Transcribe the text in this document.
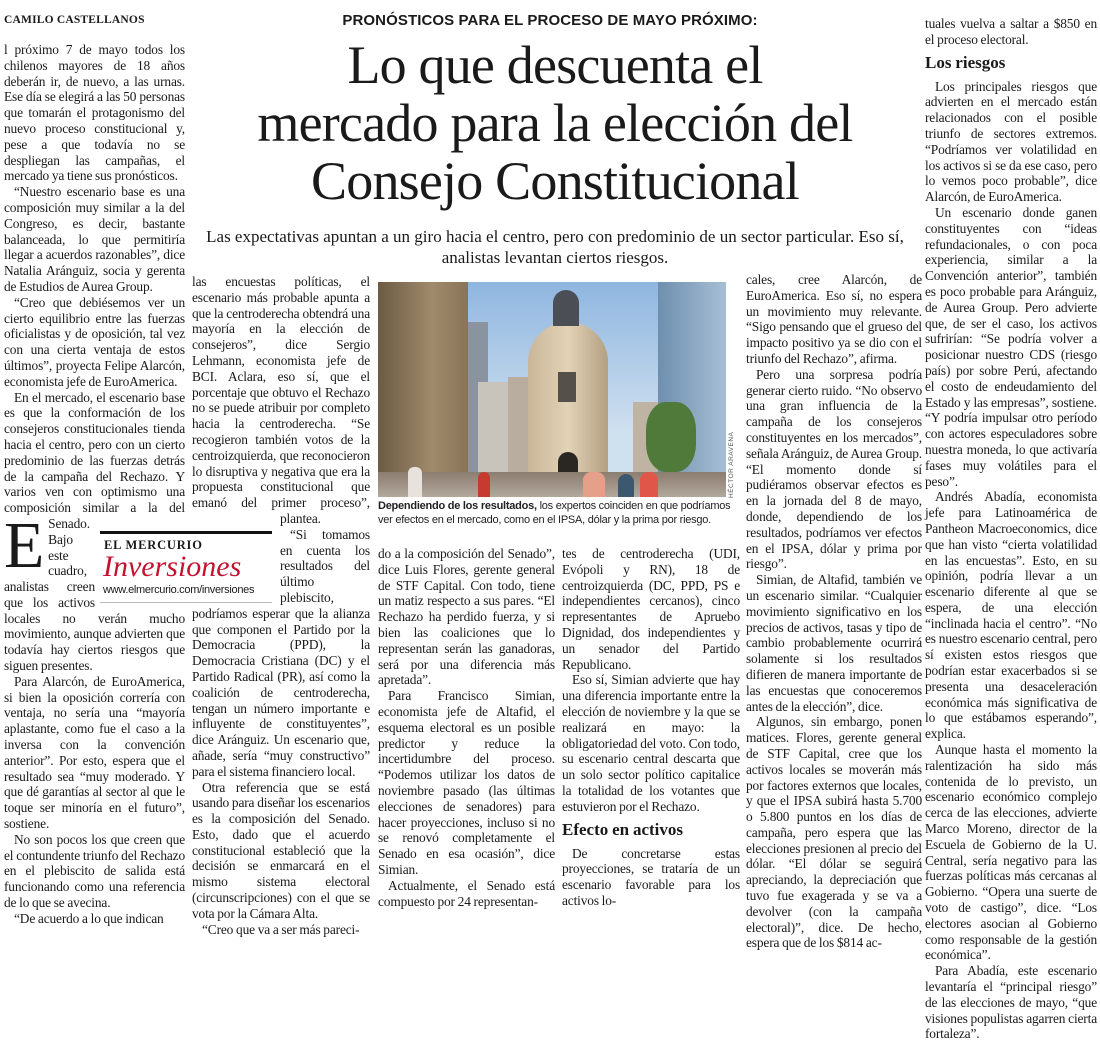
CAMILO CASTELLANOS	PRONÓSTICOS PARA EL PROCESO DE MAYO PRÓXIMO:
Lo que descuenta el
mercado para la elección del
Consejo Constitucional
Las expectativas apuntan a un giro hacia el centro, pero con predominio de un sector particular. Eso sí, analistas levantan ciertos riesgos.
HÉCTOR ARAVENA
Dependiendo de los resultados, los expertos coinciden en que podríamos ver efectos en el mercado, como en el IPSA, dólar y la prima por riesgo.
EL MERCURIO
Inversiones
www.elmercurio.com/inversiones

E
l próximo 7 de mayo todos los chilenos mayores de 18 años deberán ir, de nuevo, a las urnas. Ese día se elegirá a las 50 personas que tomarán el protagonismo del nuevo proceso constitucional y, pese a que todavía no se despliegan las campañas, el mercado ya tiene sus pronósticos.

“Nuestro escenario base es una composición muy similar a la del Congreso, es decir, bastante balanceada, lo que permitiría llegar a acuerdos razonables”, dice Natalia Aránguiz, socia y gerenta de Estudios de Aurea Group.

“Creo que debiésemos ver un cierto equilibrio entre las fuerzas oficialistas y de oposición, tal vez con una cierta ventaja de estos últimos”, proyecta Felipe Alarcón, economista jefe de EuroAmerica.

En el mercado, el escenario base es que la conformación de los consejeros constitucionales tienda hacia el centro, pero con un cierto predominio de las fuerzas detrás de la campaña del Rechazo. Y varios ven con optimismo una composición similar a la del Senado. Bajo este cuadro, analistas creen que los activos locales no verán mucho movimiento, aunque advierten que todavía hay ciertos riesgos que siguen presentes.

Para Alarcón, de EuroAmerica, si bien la oposición correría con ventaja, no sería una “mayoría aplastante, como fue el caso a la inversa con la convención anterior”. Por esto, espera que el resultado sea “muy moderado. Y que dé garantías al sector al que le toque ser minoría en el futuro”, sostiene.

No son pocos los que creen que el contundente triunfo del Rechazo en el plebiscito de salida está funcionando como una referencia de lo que se avecina.

“De acuerdo a lo que indican

las encuestas políticas, el escenario más probable apunta a que la centroderecha obtendrá una mayoría en la elección de consejeros”, dice Sergio Lehmann, economista jefe de BCI. Aclara, eso sí, que el porcentaje que obtuvo el Rechazo no se puede atribuir por completo hacia la centroderecha. “Se recogieron también votos de la centroizquierda, que reconocieron lo disruptiva y negativa que era la propuesta constitucional que emanó del primer proceso”, plantea.

“Si tomamos en cuenta los resultados del último plebiscito, podríamos esperar que la alianza que componen el Partido por la Democracia (PPD), la Democracia Cristiana (DC) y el Partido Radical (PR), así como la coalición de centroderecha, tengan un número importante e influyente de constituyentes”, dice Aránguiz. Un escenario que, añade, sería “muy constructivo” para el sistema financiero local.

Otra referencia que se está usando para diseñar los escenarios es la composición del Senado. Esto, dado que el acuerdo constitucional estableció que la decisión se enmarcará en el mismo sistema electoral (circunscripciones) con el que se vota por la Cámara Alta.

“Creo que va a ser más pareci-

do a la composición del Senado”, dice Luis Flores, gerente general de STF Capital. Con todo, tiene un matiz respecto a sus pares. “El Rechazo ha perdido fuerza, y si bien las coaliciones que lo representan serán las ganadoras, será por una diferencia más apretada”.

Para Francisco Simian, economista jefe de Altafid, el esquema electoral es un posible predictor y reduce la incertidumbre del proceso. “Podemos utilizar los datos de noviembre pasado (las últimas elecciones de senadores) para hacer proyecciones, incluso si no se renovó completamente el Senado en esa ocasión”, dice Simian.

Actualmente, el Senado está compuesto por 24 representan-

tes de centroderecha (UDI, Evópoli y RN), 18 de centroizquierda (DC, PPD, PS e independientes cercanos), cinco representantes de Apruebo Dignidad, dos independientes y un senador del Partido Republicano.

Eso sí, Simian advierte que hay una diferencia importante entre la elección de noviembre y la que se realizará en mayo: la obligatoriedad del voto. Con todo, su escenario central descarta que un solo sector político capitalice la totalidad de los votantes que estuvieron por el Rechazo.

Efecto en activos

De concretarse estas proyecciones, se trataría de un escenario favorable para los activos lo-

cales, cree Alarcón, de EuroAmerica. Eso sí, no espera un movimiento muy relevante. “Sigo pensando que el grueso del impacto positivo ya se dio con el triunfo del Rechazo”, afirma.

Pero una sorpresa podría generar cierto ruido. “No observo una gran influencia de la campaña de los consejeros constituyentes en los mercados”, señala Aránguiz, de Aurea Group. “El momento donde sí pudiéramos observar efectos es en la jornada del 8 de mayo, donde, dependiendo de los resultados, podríamos ver efectos en el IPSA, dólar y prima por riesgo”.

Simian, de Altafid, también ve un escenario similar. “Cualquier movimiento significativo en los precios de activos, tasas y tipo de cambio probablemente ocurrirá solamente si los resultados difieren de manera importante de las encuestas que conoceremos antes de la elección”, dice.

Algunos, sin embargo, ponen matices. Flores, gerente general de STF Capital, cree que los activos locales se moverán más por factores externos que locales, y que el IPSA subirá hasta 5.700 o 5.800 puntos en los días de campaña, pero espera que las elecciones presionen al precio del dólar. “El dólar se seguirá apreciando, la depreciación que tuvo fue exagerada y se va a devolver (con la campaña electoral)”, dice. De hecho, espera que de los $814 ac-

tuales vuelva a saltar a $850 en el proceso electoral.

Los riesgos

Los principales riesgos que advierten en el mercado están relacionados con el posible triunfo de sectores extremos. “Podríamos ver volatilidad en los activos si se da ese caso, pero lo vemos poco probable”, dice Alarcón, de EuroAmerica.

Un escenario donde ganen constituyentes con “ideas refundacionales, o con poca experiencia, similar a la Convención anterior”, también es poco probable para Aránguiz, de Aurea Group. Pero advierte que, de ser el caso, los activos sufrirían: “Se podría volver a posicionar nuestro CDS (riesgo país) por sobre Perú, afectando el costo de endeudamiento del Estado y las empresas”, sostiene. “Y podría impulsar otro período con actores especuladores sobre nuestra moneda, lo que activaría fases muy volátiles para el peso”.

Andrés Abadía, economista jefe para Latinoamérica de Pantheon Macroeconomics, dice que han visto “cierta volatilidad en las encuestas”. Esto, en su opinión, podría llevar a un escenario diferente al que se espera, de una elección “inclinada hacia el centro”. “No es nuestro escenario central, pero sí existen estos riesgos que podrían estar exacerbados si se presenta una desaceleración económica más significativa de lo que estábamos esperando”, explica.

Aunque hasta el momento la ralentización ha sido más contenida de lo previsto, un escenario económico complejo cerca de las elecciones, advierte Marco Moreno, director de la Escuela de Gobierno de la U. Central, sería negativo para las fuerzas políticas más cercanas al Gobierno. “Opera una suerte de voto de castigo”, dice. “Los electores asocian al Gobierno como responsable de la gestión económica”.

Para Abadía, este escenario levantaría el “principal riesgo” de las elecciones de mayo, “que visiones populistas agarren cierta fortaleza”.
